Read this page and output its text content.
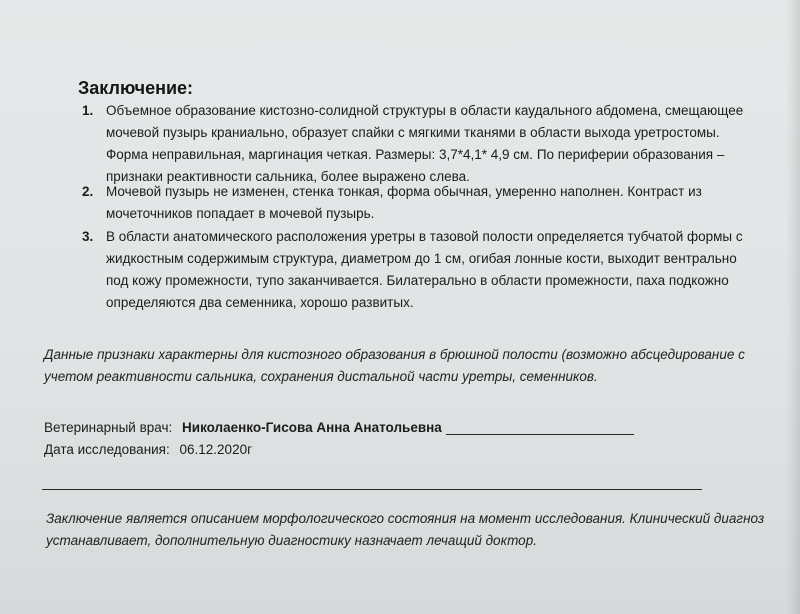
Заключение:
1. Объемное образование кистозно-солидной структуры в области каудального абдомена, смещающее
мочевой пузырь краниально, образует спайки с мягкими тканями в области выхода уретростомы.
Форма неправильная, маргинация четкая. Размеры: 3,7*4,1* 4,9 см. По периферии образования –
признаки реактивности сальника, более выражено слева.
2. Мочевой пузырь не изменен, стенка тонкая, форма обычная, умеренно наполнен. Контраст из
мочеточников попадает в мочевой пузырь.
3. В области анатомического расположения уретры в тазовой полости определяется тубчатой формы с
жидкостным содержимым структура, диаметром до 1 см, огибая лонные кости, выходит вентрально
под кожу промежности, тупо заканчивается. Билатерально в области промежности, паха подкожно
определяются два семенника, хорошо развитых.
Данные признаки характерны для кистозного образования в брюшной полости (возможно абсцедирование с
учетом реактивности сальника, сохранения дистальной части уретры, семенников.
Ветеринарный врач: Николаенко-Гисова Анна Анатольевна
Дата исследования: 06.12.2020г
Заключение является описанием морфологического состояния на момент исследования. Клинический диагноз
устанавливает, дополнительную диагностику назначает лечащий доктор.
